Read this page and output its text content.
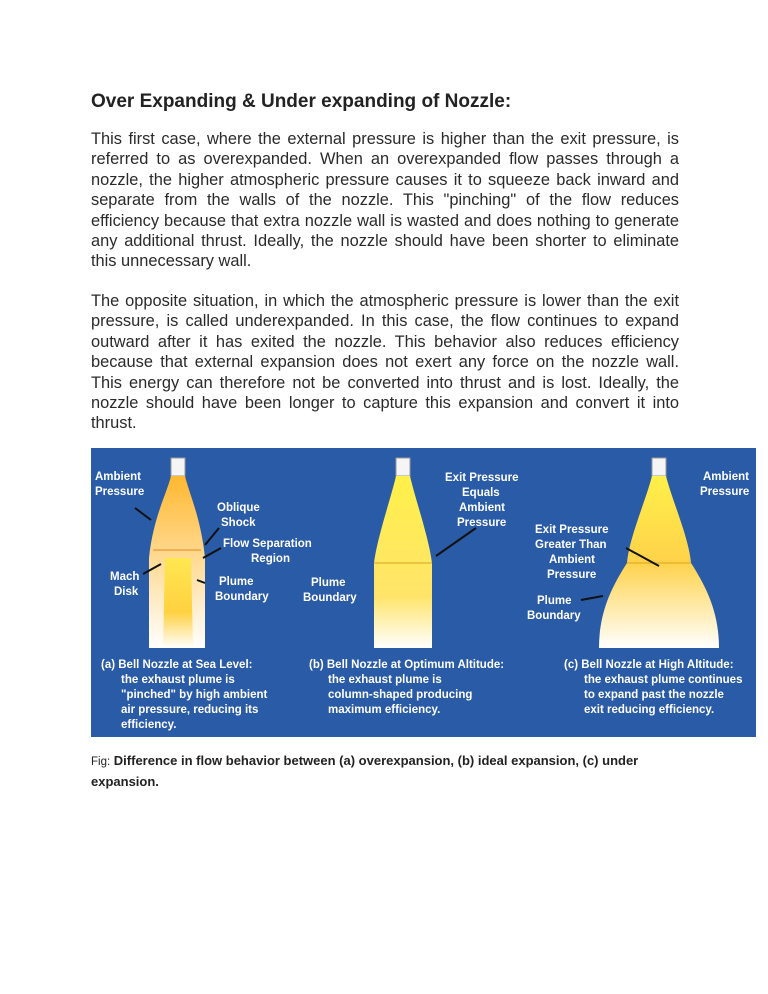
Over Expanding & Under expanding of Nozzle:

This first case, where the external pressure is higher than the exit pressure, is referred to as overexpanded. When an overexpanded flow passes through a nozzle, the higher atmospheric pressure causes it to squeeze back inward and separate from the walls of the nozzle. This "pinching" of the flow reduces efficiency because that extra nozzle wall is wasted and does nothing to generate any additional thrust. Ideally, the nozzle should have been shorter to eliminate this unnecessary wall.

The opposite situation, in which the atmospheric pressure is lower than the exit pressure, is called underexpanded. In this case, the flow continues to expand outward after it has exited the nozzle. This behavior also reduces efficiency because that external expansion does not exert any force on the nozzle wall. This energy can therefore not be converted into thrust and is lost. Ideally, the nozzle should have been longer to capture this expansion and convert it into thrust.

Ambient Pressure
Oblique Shock
Flow Separation Region
Mach Disk
Plume Boundary
Plume Boundary
Exit Pressure Equals Ambient Pressure
Exit Pressure Greater Than Ambient Pressure
Ambient Pressure
Plume Boundary
(a) Bell Nozzle at Sea Level: the exhaust plume is "pinched" by high ambient air pressure, reducing its efficiency.
(b) Bell Nozzle at Optimum Altitude: the exhaust plume is column-shaped producing maximum efficiency.
(c) Bell Nozzle at High Altitude: the exhaust plume continues to expand past the nozzle exit reducing efficiency.

Fig: Difference in flow behavior between (a) overexpansion, (b) ideal expansion, (c) under expansion.
